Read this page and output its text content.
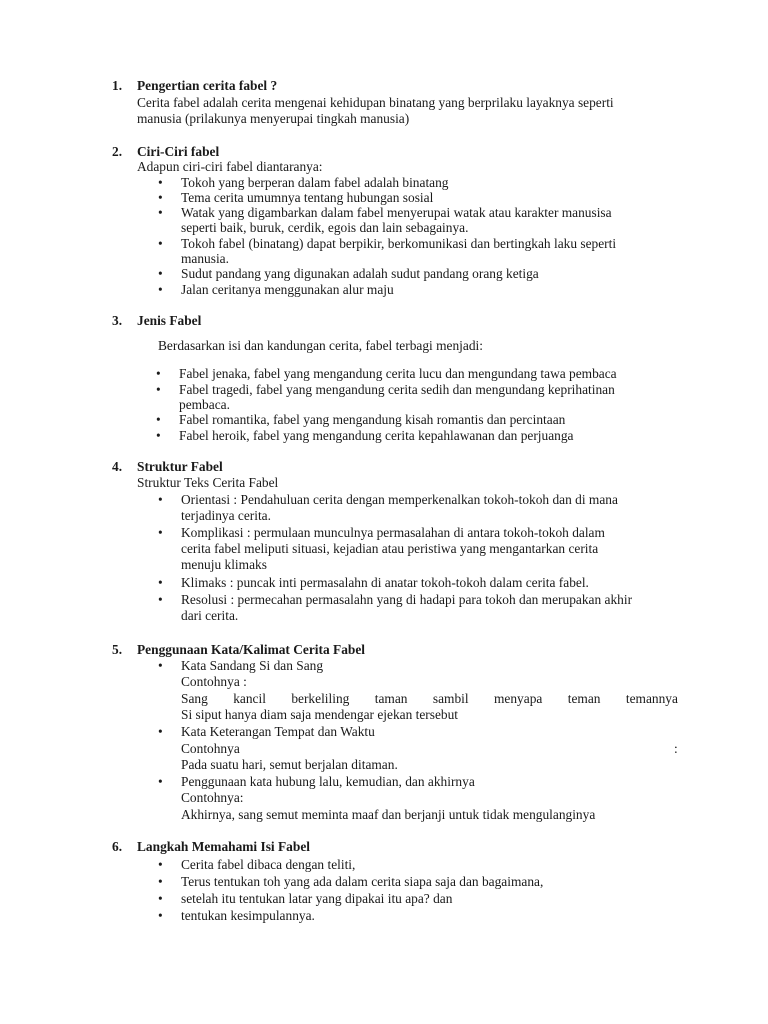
1.	Pengertian cerita fabel ?
Cerita fabel adalah cerita mengenai kehidupan binatang yang berprilaku layaknya seperti
manusia (prilakunya menyerupai tingkah manusia)
2.	Ciri-Ciri fabel
Adapun ciri-ciri fabel diantaranya:
• Tokoh yang berperan dalam fabel adalah binatang
• Tema cerita umumnya tentang hubungan sosial
• Watak yang digambarkan dalam fabel menyerupai watak atau karakter manusisa
seperti baik, buruk, cerdik, egois dan lain sebagainya.
• Tokoh fabel (binatang) dapat berpikir, berkomunikasi dan bertingkah laku seperti
manusia.
• Sudut pandang yang digunakan adalah sudut pandang orang ketiga
• Jalan ceritanya menggunakan alur maju
3.	Jenis Fabel
Berdasarkan isi dan kandungan cerita, fabel terbagi menjadi:
• Fabel jenaka, fabel yang mengandung cerita lucu dan mengundang tawa pembaca
• Fabel tragedi, fabel yang mengandung cerita sedih dan mengundang keprihatinan
pembaca.
• Fabel romantika, fabel yang mengandung kisah romantis dan percintaan
• Fabel heroik, fabel yang mengandung cerita kepahlawanan dan perjuanga
4.	Struktur Fabel
Struktur Teks Cerita Fabel
• Orientasi : Pendahuluan cerita dengan memperkenalkan tokoh-tokoh dan di mana
terjadinya cerita.
• Komplikasi : permulaan munculnya permasalahan di antara tokoh-tokoh dalam
cerita fabel meliputi situasi, kejadian atau peristiwa yang mengantarkan cerita
menuju klimaks
• Klimaks : puncak inti permasalahn di anatar tokoh-tokoh dalam cerita fabel.
• Resolusi : permecahan permasalahn yang di hadapi para tokoh dan merupakan akhir
dari cerita.
5.	Penggunaan Kata/Kalimat Cerita Fabel
• Kata Sandang Si dan Sang
Contohnya :
Sang kancil berkeliling taman sambil menyapa teman temannya
Si siput hanya diam saja mendengar ejekan tersebut
• Kata Keterangan Tempat dan Waktu
Contohnya	:
Pada suatu hari, semut berjalan ditaman.
• Penggunaan kata hubung lalu, kemudian, dan akhirnya
Contohnya:
Akhirnya, sang semut meminta maaf dan berjanji untuk tidak mengulanginya
6.	Langkah Memahami Isi Fabel
• Cerita fabel dibaca dengan teliti,
• Terus tentukan toh yang ada dalam cerita siapa saja dan bagaimana,
• setelah itu tentukan latar yang dipakai itu apa? dan
• tentukan kesimpulannya.
